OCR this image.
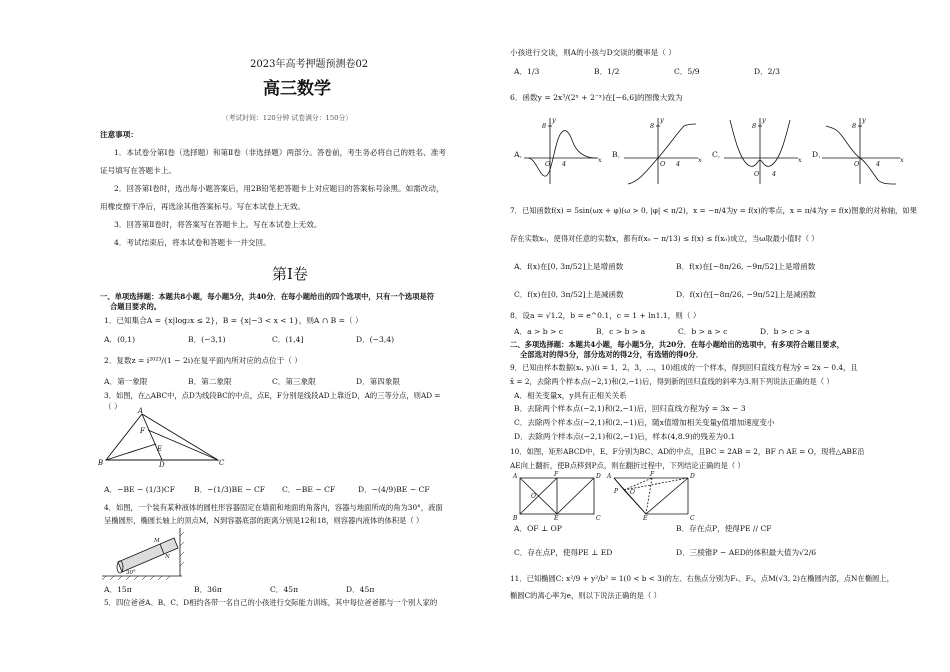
2023年高考押题预测卷02
高三数学
（考试时间：120分钟 试卷满分：150分）
注意事项：
1．本试卷分第Ⅰ卷（选择题）和第Ⅱ卷（非选择题）两部分。答卷前，考生务必将自己的姓名、准考
证号填写在答题卡上。
2．回答第Ⅰ卷时，选出每小题答案后，用2B铅笔把答题卡上对应题目的答案标号涂黑。如需改动，
用橡皮擦干净后，再选涂其他答案标号。写在本试卷上无效。
3．回答第Ⅱ卷时，将答案写在答题卡上。写在本试卷上无效。
4．考试结束后，将本试卷和答题卡一并交回。
第Ⅰ卷
一、单项选择题：本题共8小题，每小题5分，共40分．在每小题给出的四个选项中，只有一个选项是符
合题目要求的。
1．已知集合A = {x|log₂x ≤ 2}，B = {x|−3 < x < 1}，则A ∩ B =（ ）
A．(0,1)	B．(−3,1)	C．(1,4]	D．(−3,4)
2．复数z = i²⁰²³/(1 − 2i)在复平面内所对应的点位于（ ）
A．第一象限	B．第二象限	C．第三象限	D．第四象限
3．如图，在△ABC中，点D为线段BC的中点，点E，F分别是线段AD上靠近D，A的三等分点，则AD =
（ ） A
B	C
D
E
F
A．−BE − (1/3)CF	B．−(1/3)BE − CF	C．−BE − CF	D．−(4/9)BE − CF
4．如图，一个装有某种液体的圆柱形容器固定在墙面和地面的角落内，容器与地面所成的角为30°，液面
呈椭圆形，椭圆长轴上的顶点M，N到容器底部的距离分别是12和18，则容器内液体的体积是（ ）
M
N
30°
A．15π	B．36π	C．45π	D．45π
5．四位爸爸A、B、C、D相约各带一名自己的小孩进行交际能力训练，其中每位爸爸都与一个别人家的
小孩进行交谈，则A的小孩与D交谈的概率是（ ）
A．1/3	B．1/2	C．5/9	D．2/3
6．函数y = 2x³/(2ˣ + 2⁻ˣ)在[−6,6]的图像大致为
A．	B．	C．	D．
y
x
O 4
8
y
x
O 4
8
y
x
O 4
8
y
x
O	4
8
7．已知函数f(x) = 5sin(ωx + φ)(ω > 0, |φ| < π/2)，x = −π/4为y = f(x)的零点，x = π/4为y = f(x)图象的对称轴，如果
存在实数x₀，使得对任意的实数x，都有f(x₀ − π/13) ≤ f(x) ≤ f(x₀)成立，当ω取最小值时（ ）
A．f(x)在[0, 3π/52]上是增函数	B．f(x)在[−8π/26, −9π/52]上是增函数
C．f(x)在[0, 3π/52]上是减函数	D．f(x)在[−8π/26, −9π/52]上是减函数
8．设a = √1.2，b = e^0.1，c = 1 + ln1.1，则（ ）
A．a > b > c	B．c > b > a	C．b > a > c	D．b > c > a
二、多项选择题：本题共4小题，每小题5分，共20分．在每小题给出的选项中，有多项符合题目要求，
全部选对的得5分，部分选对的得2分，有选错的得0分．
9．已知由样本数据(xᵢ, yᵢ)(i = 1，2，3，…，10)组成的一个样本，得到回归直线方程为ŷ = 2x − 0.4，且
x̄ = 2，去除两个样本点(−2,1)和(2,−1)后，得到新的回归直线的斜率为3.则下列说法正确的是（ ）
A．相关变量x，y具有正相关关系
B．去除两个样本点(−2,1)和(2,−1)后，回归直线方程为ŷ = 3x − 3
C．去除两个样本点(−2,1)和(2,−1)后，随x值增加相关变量y值增加速度变小
D．去除两个样本点(−2,1)和(2,−1)后，样本(4,8.9)的残差为0.1
10．如图，矩形ABCD中，E、F分别为BC、AD的中点，且BC = 2AB = 2，BF ∩ AE = O，现将△ABE沿
AE向上翻折，使B点移到P点，则在翻折过程中，下列结论正确的是（ ）
A
B	C
D
E
F
O
A
C
D
E
F
O
P
A．OF ⊥ OP	B．存在点P，使得PE // CF
C．存在点P，使得PE ⊥ ED	D．三棱锥P − AED的体积最大值为√2/6
11．已知椭圆C: x²/9 + y²/b² = 1(0 < b < 3)的左、右焦点分别为F₁、F₂，点M(√3, 2)在椭圆内部，点N在椭圆上，
椭圆C的离心率为e，则以下说法正确的是（ ）
